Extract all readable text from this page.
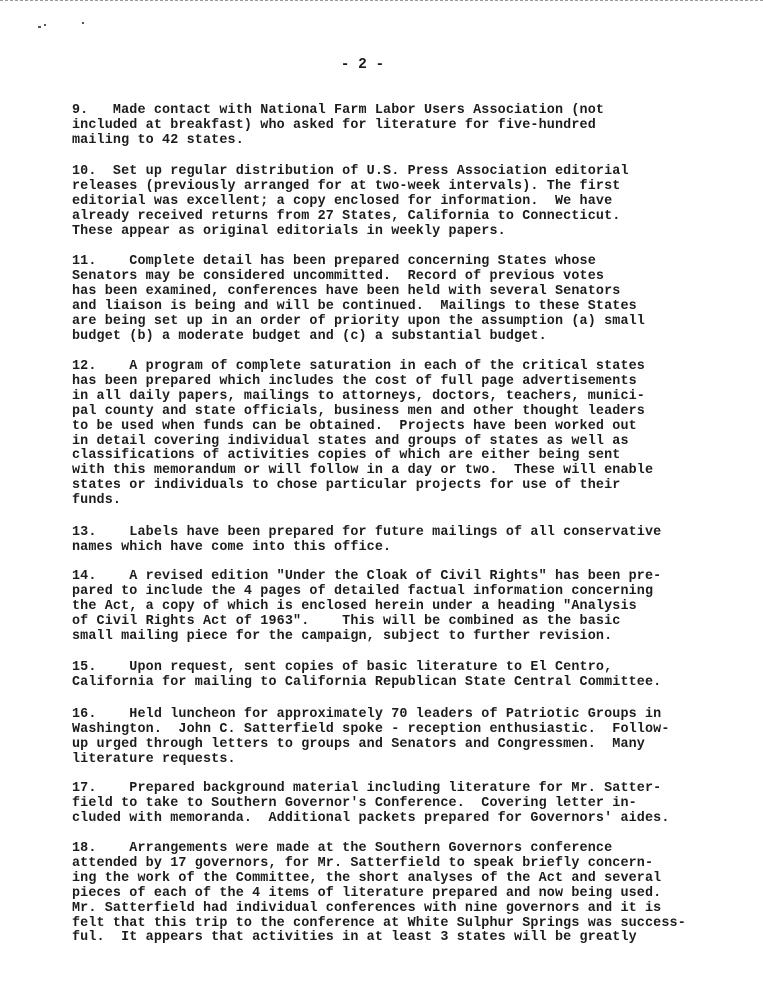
- 2 -
9.   Made contact with National Farm Labor Users Association (not
included at breakfast) who asked for literature for five-hundred
mailing to 42 states.
10.  Set up regular distribution of U.S. Press Association editorial
releases (previously arranged for at two-week intervals). The first
editorial was excellent; a copy enclosed for information.  We have
already received returns from 27 States, California to Connecticut.
These appear as original editorials in weekly papers.
11.    Complete detail has been prepared concerning States whose
Senators may be considered uncommitted.  Record of previous votes
has been examined, conferences have been held with several Senators
and liaison is being and will be continued.  Mailings to these States
are being set up in an order of priority upon the assumption (a) small
budget (b) a moderate budget and (c) a substantial budget.
12.    A program of complete saturation in each of the critical states
has been prepared which includes the cost of full page advertisements
in all daily papers, mailings to attorneys, doctors, teachers, munici-
pal county and state officials, business men and other thought leaders
to be used when funds can be obtained.  Projects have been worked out
in detail covering individual states and groups of states as well as
classifications of activities copies of which are either being sent
with this memorandum or will follow in a day or two.  These will enable
states or individuals to chose particular projects for use of their
funds.
13.    Labels have been prepared for future mailings of all conservative
names which have come into this office.
14.    A revised edition "Under the Cloak of Civil Rights" has been pre-
pared to include the 4 pages of detailed factual information concerning
the Act, a copy of which is enclosed herein under a heading "Analysis
of Civil Rights Act of 1963".    This will be combined as the basic
small mailing piece for the campaign, subject to further revision.
15.    Upon request, sent copies of basic literature to El Centro,
California for mailing to California Republican State Central Committee.
16.    Held luncheon for approximately 70 leaders of Patriotic Groups in
Washington.  John C. Satterfield spoke - reception enthusiastic.  Follow-
up urged through letters to groups and Senators and Congressmen.  Many
literature requests.
17.    Prepared background material including literature for Mr. Satter-
field to take to Southern Governor's Conference.  Covering letter in-
cluded with memoranda.  Additional packets prepared for Governors' aides.
18.    Arrangements were made at the Southern Governors conference
attended by 17 governors, for Mr. Satterfield to speak briefly concern-
ing the work of the Committee, the short analyses of the Act and several
pieces of each of the 4 items of literature prepared and now being used.
Mr. Satterfield had individual conferences with nine governors and it is
felt that this trip to the conference at White Sulphur Springs was success-
ful.  It appears that activities in at least 3 states will be greatly
